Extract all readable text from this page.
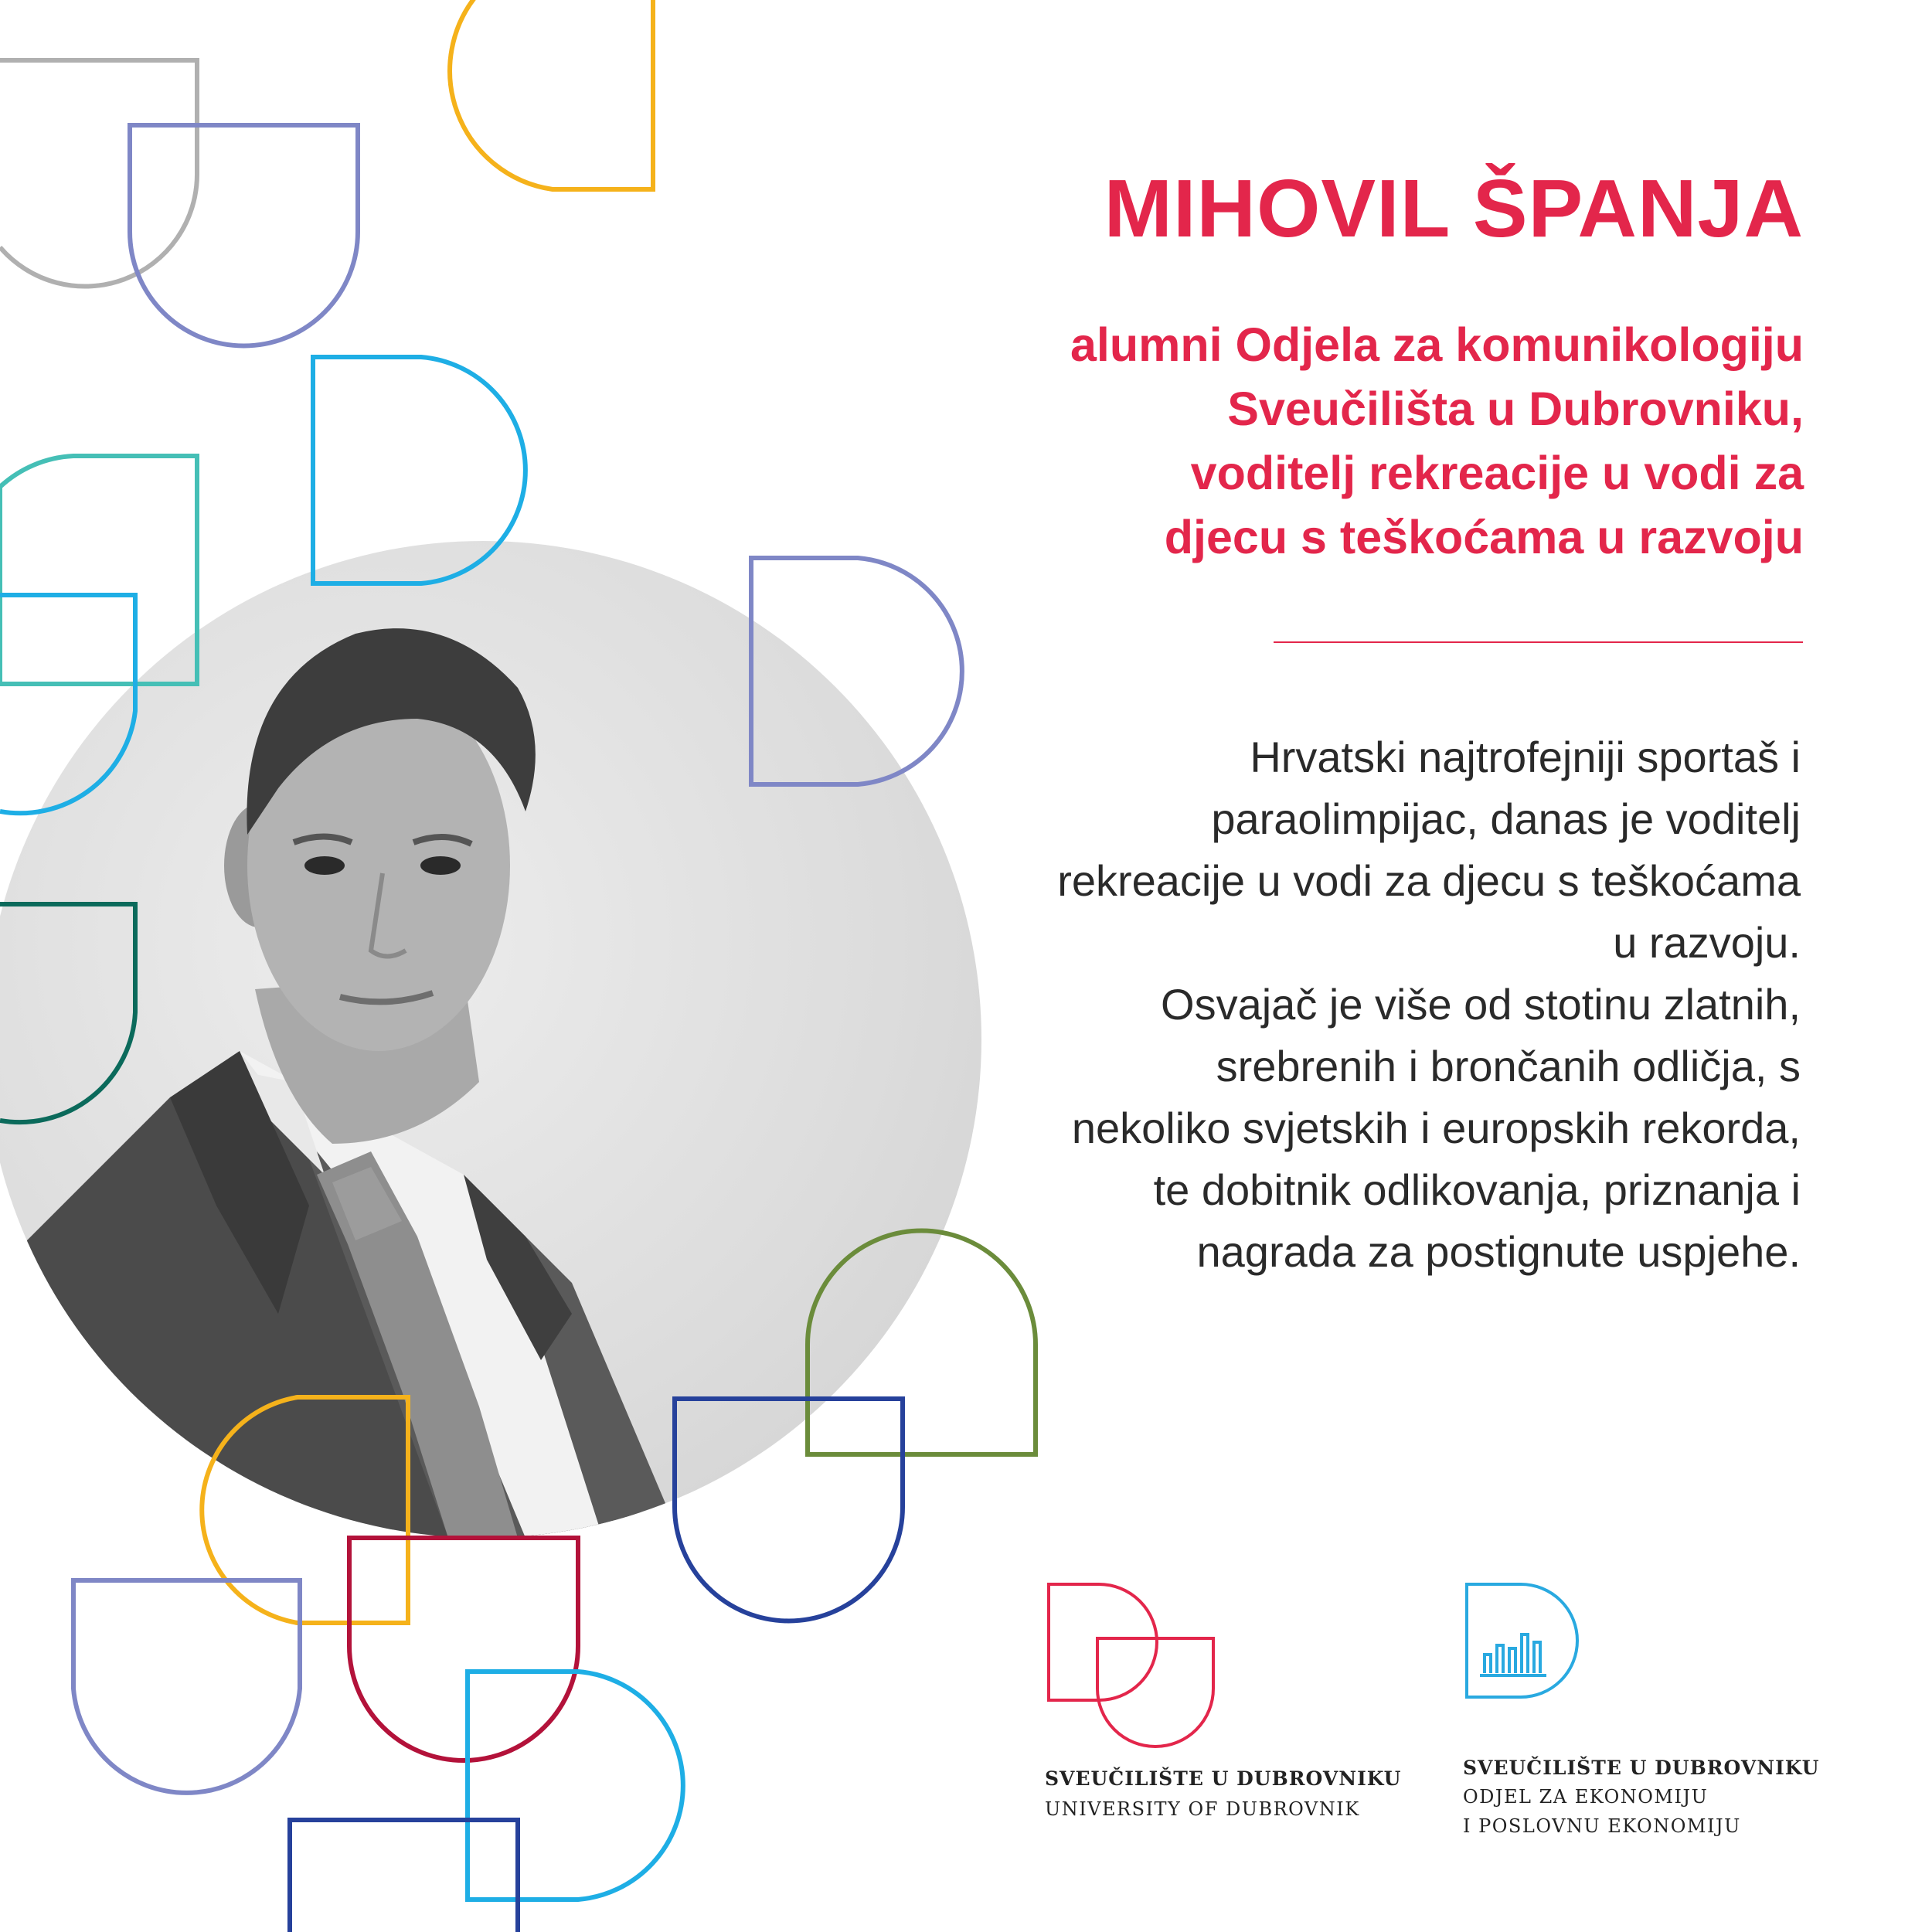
MIHOVIL ŠPANJA
alumni Odjela za komunikologiju
Sveučilišta u Dubrovniku,
voditelj rekreacije u vodi za
djecu s teškoćama u razvoju
Hrvatski najtrofejniji sportaš i
paraolimpijac, danas je voditelj
rekreacije u vodi za djecu s teškoćama
u razvoju.
Osvajač je više od stotinu zlatnih,
srebrenih i brončanih odličja, s
nekoliko svjetskih i europskih rekorda,
te dobitnik odlikovanja, priznanja i
nagrada za postignute uspjehe.
SVEUČILIŠTE U DUBROVNIKU
UNIVERSITY OF DUBROVNIK
SVEUČILIŠTE U DUBROVNIKU
ODJEL ZA EKONOMIJU
I POSLOVNU EKONOMIJU
